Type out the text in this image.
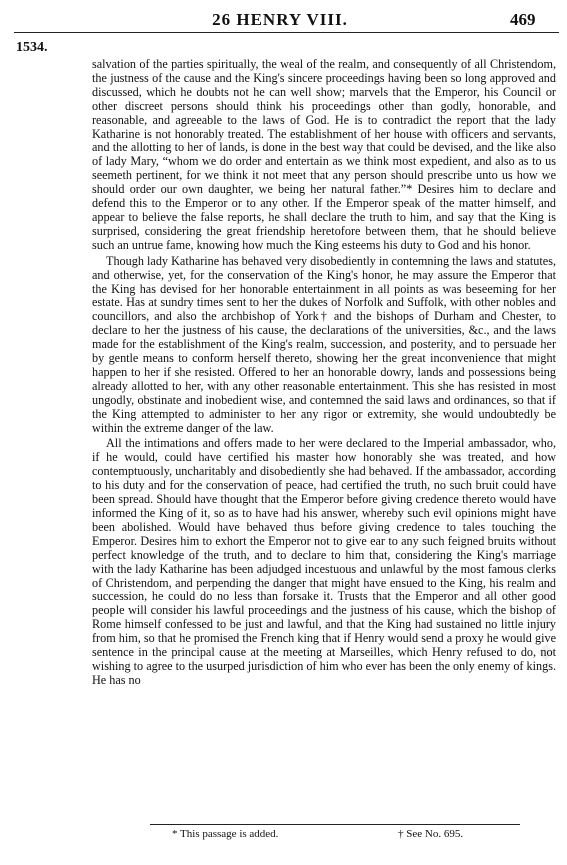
1534.
26 HENRY VIII.	469

salvation of the parties spiritually, the weal of the realm, and consequently of all Christendom, the justness of the cause and the King's sincere proceedings having been so long approved and discussed, which he doubts not he can well show; marvels that the Emperor, his Council or other discreet persons should think his proceedings other than godly, honorable, and reasonable, and agreeable to the laws of God. He is to contradict the report that the lady Katharine is not honorably treated. The establishment of her house with officers and servants, and the allotting to her of lands, is done in the best way that could be devised, and the like also of lady Mary, “whom we do order and entertain as we think most expedient, and also as to us seemeth pertinent, for we think it not meet that any person should prescribe unto us how we should order our own daughter, we being her natural father.”* Desires him to declare and defend this to the Emperor or to any other. If the Emperor speak of the matter himself, and appear to believe the false reports, he shall declare the truth to him, and say that the King is surprised, considering the great friendship heretofore between them, that he should believe such an untrue fame, knowing how much the King esteems his duty to God and his honor.

Though lady Katharine has behaved very disobediently in contemning the laws and statutes, and otherwise, yet, for the conservation of the King's honor, he may assure the Emperor that the King has devised for her honorable entertainment in all points as was beseeming for her estate. Has at sundry times sent to her the dukes of Norfolk and Suffolk, with other nobles and councillors, and also the archbishop of York† and the bishops of Durham and Chester, to declare to her the justness of his cause, the declarations of the universities, &c., and the laws made for the establishment of the King's realm, succession, and posterity, and to persuade her by gentle means to conform herself thereto, showing her the great inconvenience that might happen to her if she resisted. Offered to her an honorable dowry, lands and possessions being already allotted to her, with any other reasonable entertainment. This she has resisted in most ungodly, obstinate and inobedient wise, and contemned the said laws and ordinances, so that if the King attempted to administer to her any rigor or extremity, she would undoubtedly be within the extreme danger of the law.

All the intimations and offers made to her were declared to the Imperial ambassador, who, if he would, could have certified his master how honorably she was treated, and how contemptuously, uncharitably and disobediently she had behaved. If the ambassador, according to his duty and for the conservation of peace, had certified the truth, no such bruit could have been spread. Should have thought that the Emperor before giving credence thereto would have informed the King of it, so as to have had his answer, whereby such evil opinions might have been abolished. Would have behaved thus before giving credence to tales touching the Emperor. Desires him to exhort the Emperor not to give ear to any such feigned bruits without perfect knowledge of the truth, and to declare to him that, considering the King's marriage with the lady Katharine has been adjudged incestuous and unlawful by the most famous clerks of Christendom, and perpending the danger that might have ensued to the King, his realm and succession, he could do no less than forsake it. Trusts that the Emperor and all other good people will consider his lawful proceedings and the justness of his cause, which the bishop of Rome himself confessed to be just and lawful, and that the King had sustained no little injury from him, so that he promised the French king that if Henry would send a proxy he would give sentence in the principal cause at the meeting at Marseilles, which Henry refused to do, not wishing to agree to the usurped jurisdiction of him who ever has been the only enemy of kings. He has no

◆ ◆ ◆
* This passage is added.	† See No. 695.
